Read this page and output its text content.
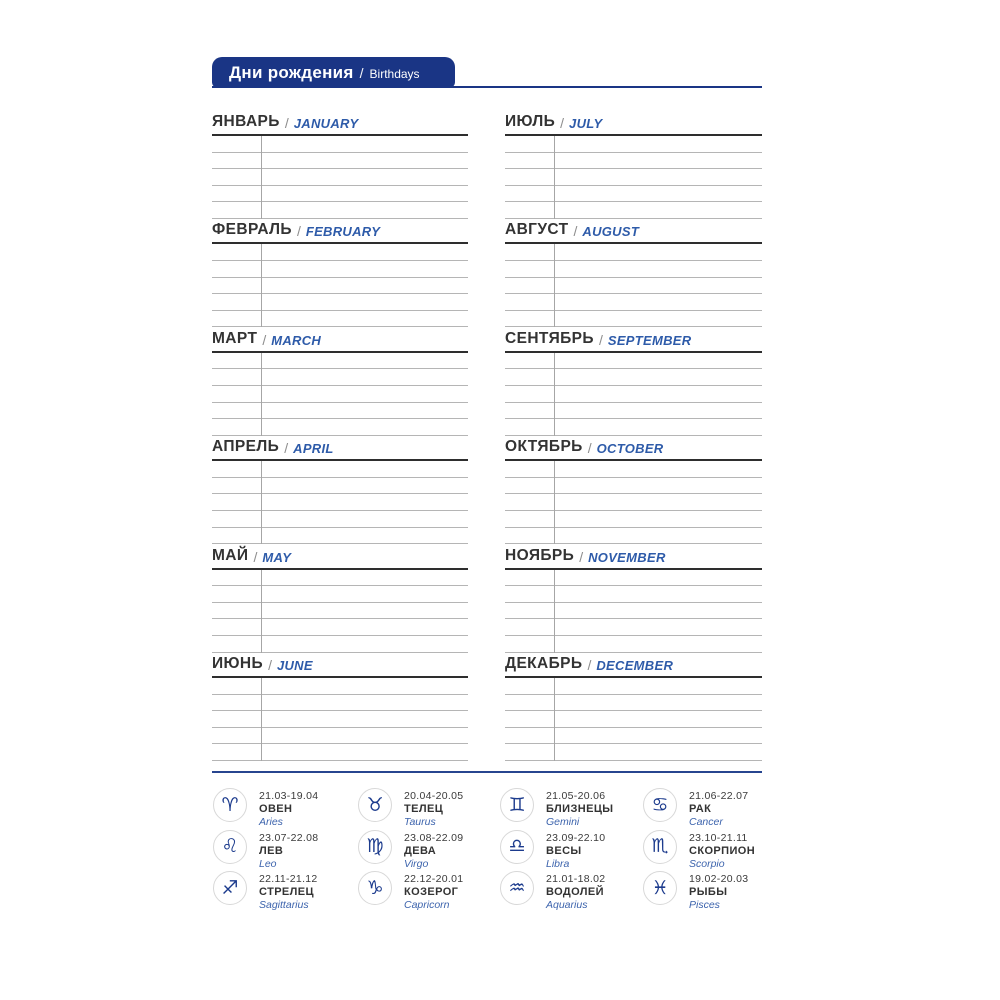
Дни рождения / Birthdays
ЯНВАРЬ / JANUARY
ФЕВРАЛЬ / FEBRUARY
МАРТ / MARCH
АПРЕЛЬ / APRIL
МАЙ / MAY
ИЮНЬ / JUNE
ИЮЛЬ / JULY
АВГУСТ / AUGUST
СЕНТЯБРЬ / SEPTEMBER
ОКТЯБРЬ / OCTOBER
НОЯБРЬ / NOVEMBER
ДЕКАБРЬ / DECEMBER
♈ 21.03-19.04
ОВЕН
Aries
♉ 20.04-20.05
ТЕЛЕЦ
Taurus
♊ 21.05-20.06
БЛИЗНЕЦЫ
Gemini
♋ 21.06-22.07
РАК
Cancer
♌ 23.07-22.08
ЛЕВ
Leo
♍ 23.08-22.09
ДЕВА
Virgo
♎ 23.09-22.10
ВЕСЫ
Libra
♏ 23.10-21.11
СКОРПИОН
Scorpio
♐ 22.11-21.12
СТРЕЛЕЦ
Sagittarius
♑ 22.12-20.01
КОЗЕРОГ
Capricorn
♒ 21.01-18.02
ВОДОЛЕЙ
Aquarius
♓ 19.02-20.03
РЫБЫ
Pisces
